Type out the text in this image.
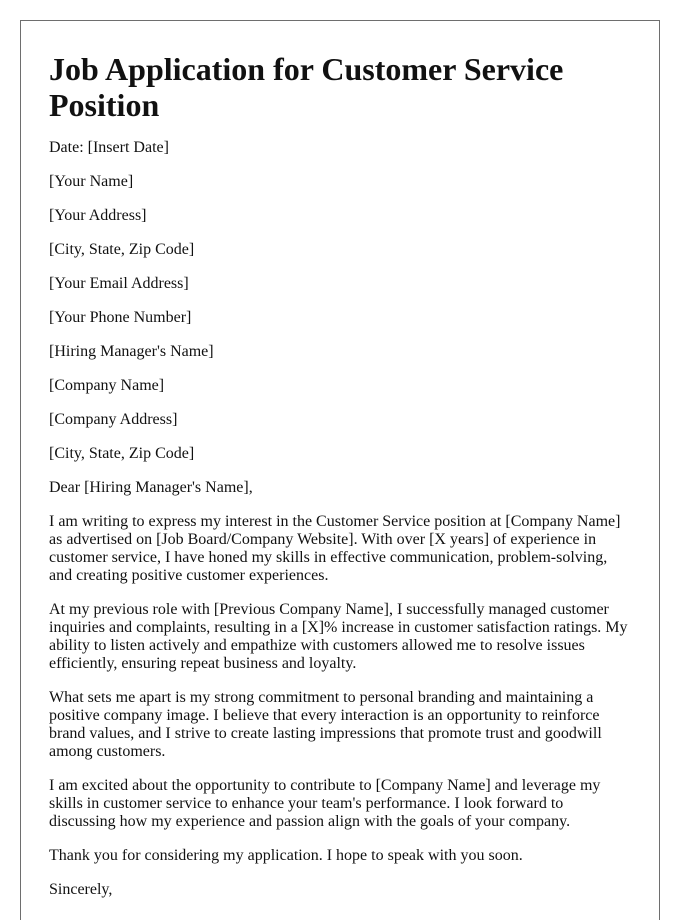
Job Application for Customer Service Position

Date: [Insert Date]

[Your Name]

[Your Address]

[City, State, Zip Code]

[Your Email Address]

[Your Phone Number]

[Hiring Manager's Name]

[Company Name]

[Company Address]

[City, State, Zip Code]

Dear [Hiring Manager's Name],

I am writing to express my interest in the Customer Service position at [Company Name] as advertised on [Job Board/Company Website]. With over [X years] of experience in customer service, I have honed my skills in effective communication, problem-solving, and creating positive customer experiences.

At my previous role with [Previous Company Name], I successfully managed customer inquiries and complaints, resulting in a [X]% increase in customer satisfaction ratings. My ability to listen actively and empathize with customers allowed me to resolve issues efficiently, ensuring repeat business and loyalty.

What sets me apart is my strong commitment to personal branding and maintaining a positive company image. I believe that every interaction is an opportunity to reinforce brand values, and I strive to create lasting impressions that promote trust and goodwill among customers.

I am excited about the opportunity to contribute to [Company Name] and leverage my skills in customer service to enhance your team's performance. I look forward to discussing how my experience and passion align with the goals of your company.

Thank you for considering my application. I hope to speak with you soon.

Sincerely,
